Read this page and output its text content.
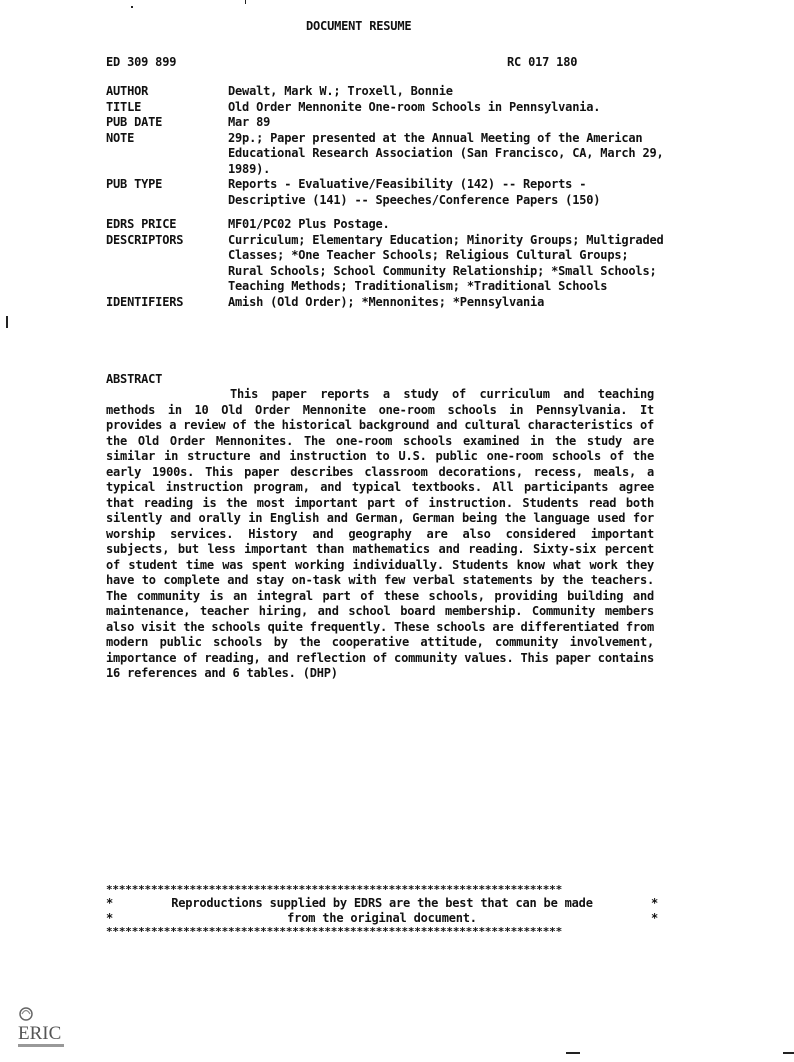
DOCUMENT RESUME
ED 309 899	RC 017 180
AUTHOR	Dewalt, Mark W.; Troxell, Bonnie
TITLE	Old Order Mennonite One-room Schools in Pennsylvania.
PUB DATE	Mar 89
NOTE	29p.; Paper presented at the Annual Meeting of the American Educational Research Association (San Francisco, CA, March 29, 1989).
PUB TYPE	Reports - Evaluative/Feasibility (142) -- Reports - Descriptive (141) -- Speeches/Conference Papers (150)
EDRS PRICE	MF01/PC02 Plus Postage.
DESCRIPTORS	Curriculum; Elementary Education; Minority Groups; Multigraded Classes; *One Teacher Schools; Religious Cultural Groups; Rural Schools; School Community Relationship; *Small Schools; Teaching Methods; Traditionalism; *Traditional Schools
IDENTIFIERS	Amish (Old Order); *Mennonites; *Pennsylvania
ABSTRACT
This paper reports a study of curriculum and teaching methods in 10 Old Order Mennonite one-room schools in Pennsylvania. It provides a review of the historical background and cultural characteristics of the Old Order Mennonites. The one-room schools examined in the study are similar in structure and instruction to U.S. public one-room schools of the early 1900s. This paper describes classroom decorations, recess, meals, a typical instruction program, and typical textbooks. All participants agree that reading is the most important part of instruction. Students read both silently and orally in English and German, German being the language used for worship services. History and geography are also considered important subjects, but less important than mathematics and reading. Sixty-six percent of student time was spent working individually. Students know what work they have to complete and stay on-task with few verbal statements by the teachers. The community is an integral part of these schools, providing building and maintenance, teacher hiring, and school board membership. Community members also visit the schools quite frequently. These schools are differentiated from modern public schools by the cooperative attitude, community involvement, importance of reading, and reflection of community values. This paper contains 16 references and 6 tables. (DHP)
***********************************************************************
*	Reproductions supplied by EDRS are the best that can be made	*
*	from the original document.	*
***********************************************************************
ERIC
